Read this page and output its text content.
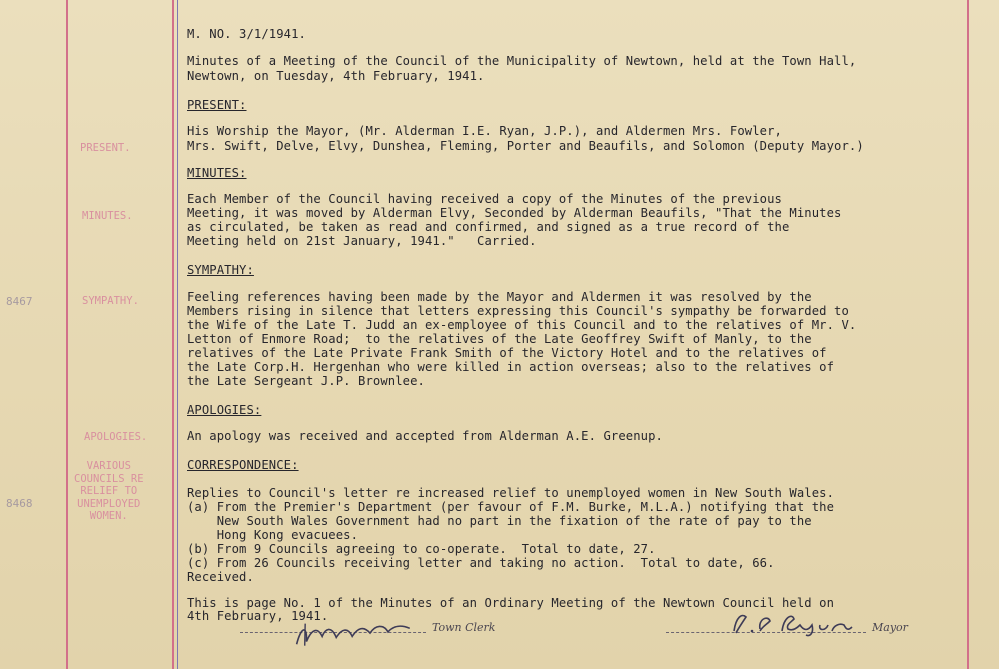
M. NO. 3/1/1941.
Minutes of a Meeting of the Council of the Municipality of Newtown, held at the Town Hall,
Newtown, on Tuesday, 4th February, 1941.
PRESENT:
His Worship the Mayor, (Mr. Alderman I.E. Ryan, J.P.), and Aldermen Mrs. Fowler,
Mrs. Swift, Delve, Elvy, Dunshea, Fleming, Porter and Beaufils, and Solomon (Deputy Mayor.)
PRESENT.
MINUTES:
Each Member of the Council having received a copy of the Minutes of the previous
Meeting, it was moved by Alderman Elvy, Seconded by Alderman Beaufils, "That the Minutes
as circulated, be taken as read and confirmed, and signed as a true record of the
Meeting held on 21st January, 1941."   Carried.
MINUTES.
SYMPATHY:
8467	SYMPATHY.	Feeling references having been made by the Mayor and Aldermen it was resolved by the
Members rising in silence that letters expressing this Council's sympathy be forwarded to
the Wife of the Late T. Judd an ex-employee of this Council and to the relatives of Mr. V.
Letton of Enmore Road;  to the relatives of the Late Geoffrey Swift of Manly, to the
relatives of the Late Private Frank Smith of the Victory Hotel and to the relatives of
the Late Corp.H. Hergenhan who were killed in action overseas; also to the relatives of
the Late Sergeant J.P. Brownlee.
APOLOGIES:
APOLOGIES.	An apology was received and accepted from Alderman A.E. Greenup.
CORRESPONDENCE:
VARIOUS
COUNCILS RE
RELIEF TO
UNEMPLOYED
WOMEN.
8468
Replies to Council's letter re increased relief to unemployed women in New South Wales.
(a) From the Premier's Department (per favour of F.M. Burke, M.L.A.) notifying that the
New South Wales Government had no part in the fixation of the rate of pay to the
Hong Kong evacuees.
(b) From 9 Councils agreeing to co-operate.  Total to date, 27.
(c) From 26 Councils receiving letter and taking no action.  Total to date, 66.
Received.
This is page No. 1 of the Minutes of an Ordinary Meeting of the Newtown Council held on
4th February, 1941.
Town Clerk	Mayor
